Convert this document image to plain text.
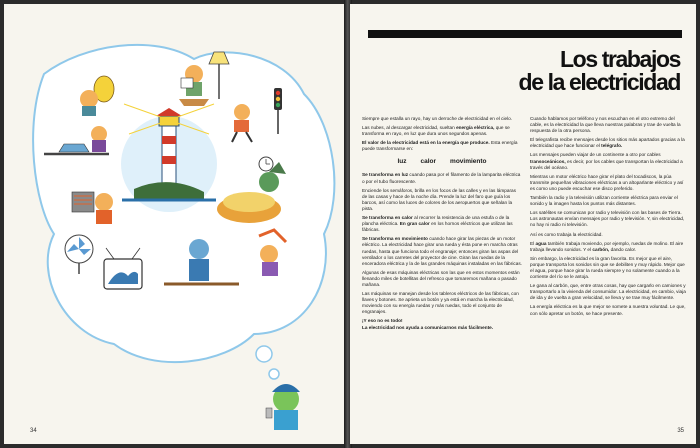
34
Los trabajos
de la electricidad

Siempre que estalla un rayo, hay un derroche de electricidad en el cielo.

Las nubes, al descargar electricidad, sueltan energía eléctrica, que se transforma en rayo, en luz que dura unos segundos apenas.

El valor de la electricidad está en la energía que produce. Esta energía puede transformarse en:

luz calor movimiento

Se transforma en luz cuando pasa por el filamento de la lamparita eléctrica o por el tubo fluorescente.

Enciende los semáforos, brilla en los focos de las calles y en las lámparas de las casas y hace de la noche día. Prende la luz del faro que guía los barcos, así como las luces de colores de los aeropuertos que señalan la pista.

Se transforma en calor al recorrer la resistencia de una estufa o de la plancha eléctrica. En gran calor en los hornos eléctricos que utilizan las fábricas.

Se transforma en movimiento cuando hace girar las piezas de un motor eléctrico. La electricidad hace girar una rueda y ésta pone en marcha otras ruedas, hasta que funciona todo el engranaje; entonces giran las aspas del ventilador o los carretes del proyector de cine. Giran las ruedas de la enceradora eléctrica y la de las grandes máquinas instaladas en las fábricas.

Algunas de esas máquinas eléctricas son las que en estos momentos están llenando miles de botellitas del refresco que tomaremos mañana o pasado mañana.

Las máquinas se manejan desde los tableros eléctricos de las fábricas, con llaves y botones. Se aprieta un botón y ya está en marcha la electricidad, moviendo con su energía ruedas y más ruedas, todo el conjunto de engranajes.

¡Y eso no es todo!

La electricidad nos ayuda a comunicarnos más fácilmente.

Cuando hablamos por teléfono y nos escuchan en el otro extremo del cable, es la electricidad la que lleva nuestras palabras y trae de vuelta la respuesta de la otra persona.

El telegrafista recibe mensajes desde los sitios más apartados gracias a la electricidad que hace funcionar el telégrafo.

Los mensajes pueden viajar de un continente a otro por cables transoceánicos, es decir, por los cables que transportan la electricidad a través del océano.

Mientras un motor eléctrico hace girar el plato del tocadiscos, la púa transmite pequeñas vibraciones eléctricas a un altoparlante eléctrico y así es como uno puede escuchar ese disco preferido.

También la radio y la televisión utilizan corriente eléctrica para enviar el sonido y la imagen hasta los puntos más distantes.

Los satélites se comunican por radio y televisión con las bases de Tierra. Los astronautas envían mensajes por radio y televisión. Y, sin electricidad, no hay ni radio ni televisión.

Así es como trabaja la electricidad.

El agua también trabaja moviendo, por ejemplo, ruedas de molino. El aire trabaja llevando sonidos. Y el carbón, dando calor.

Sin embargo, la electricidad es la gran favorita. Es mejor que el aire, porque transporta los sonidos sin que se debiliten y muy rápido. Mejor que el agua, porque hace girar la rueda siempre y no solamente cuando a la corriente del río se le antoja.

Le gana al carbón, que, entre otras cosas, hay que cargarlo en camiones y transportarlo a la vivienda del consumidor. La electricidad, en cambio, viaja de ida y de vuelta a gran velocidad, se lleva y se trae muy fácilmente.

La energía eléctrica es la que mejor se somete a nuestra voluntad. Le que, con sólo apretar un botón, se hace presente.

35
